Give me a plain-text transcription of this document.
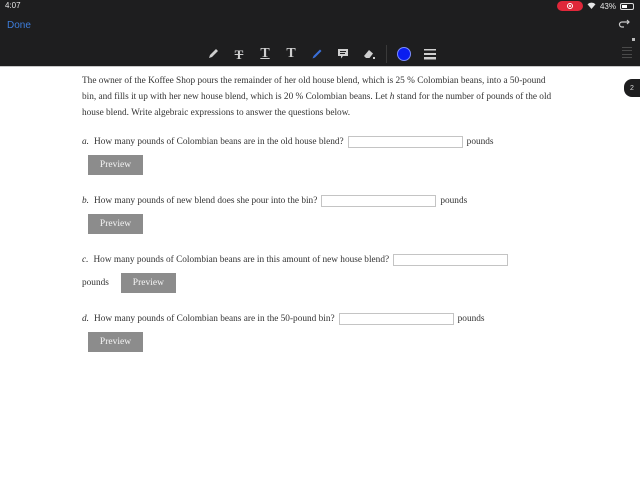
4:07	43%
Done
T T T
2

The owner of the Koffee Shop pours the remainder of her old house blend, which is 25 % Colombian beans, into a 50-pound bin, and fills it up with her new house blend, which is 20 % Colombian beans. Let h stand for the number of pounds of the old house blend. Write algebraic expressions to answer the questions below.

a. How many pounds of Colombian beans are in the old house blend?	pounds
Preview
b. How many pounds of new blend does she pour into the bin?	pounds
Preview
c. How many pounds of Colombian beans are in this amount of new house blend?
pounds	Preview
d. How many pounds of Colombian beans are in the 50-pound bin?	pounds
Preview
